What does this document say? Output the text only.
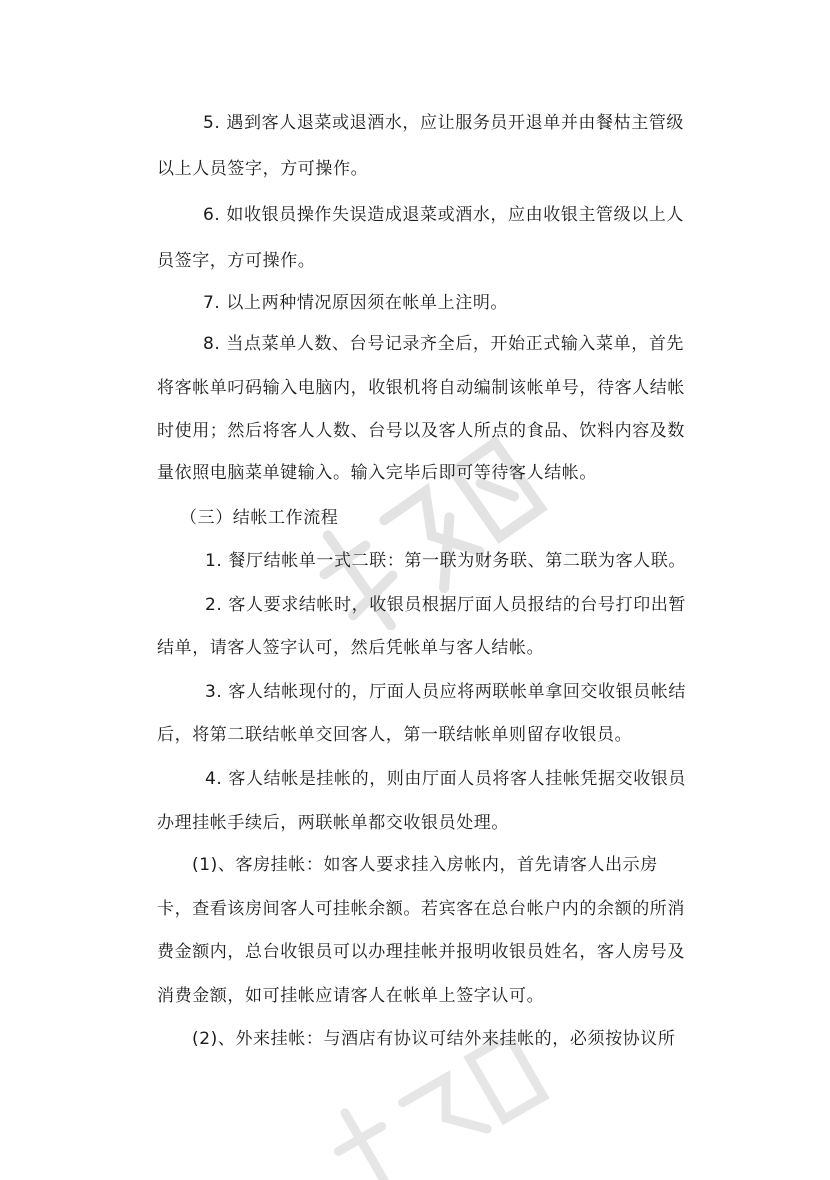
5. 遇到客人退菜或退酒水，应让服务员开退单并由餐枯主管级
以上人员签字，方可操作。
6. 如收银员操作失误造成退菜或酒水，应由收银主管级以上人
员签字，方可操作。
7. 以上两种情况原因须在帐单上注明。
8. 当点菜单人数、台号记录齐全后，开始正式输入菜单，首先
将客帐单叼码输入电脑内，收银机将自动编制该帐单号，待客人结帐
时使用；然后将客人人数、台号以及客人所点的食品、饮料内容及数
量依照电脑菜单键输入。输入完毕后即可等待客人结帐。
（三）结帐工作流程
1. 餐厅结帐单一式二联：第一联为财务联、第二联为客人联。
2. 客人要求结帐时，收银员根据厅面人员报结的台号打印出暂
结单，请客人签字认可，然后凭帐单与客人结帐。
3. 客人结帐现付的，厅面人员应将两联帐单拿回交收银员帐结
后，将第二联结帐单交回客人，第一联结帐单则留存收银员。
4. 客人结帐是挂帐的，则由厅面人员将客人挂帐凭据交收银员
办理挂帐手续后，两联帐单都交收银员处理。
(1)、客房挂帐：如客人要求挂入房帐内，首先请客人出示房
卡，查看该房间客人可挂帐余额。若宾客在总台帐户内的余额的所消
费金额内，总台收银员可以办理挂帐并报明收银员姓名，客人房号及
消费金额，如可挂帐应请客人在帐单上签字认可。
(2)、外来挂帐：与酒店有协议可结外来挂帐的，必须按协议所
